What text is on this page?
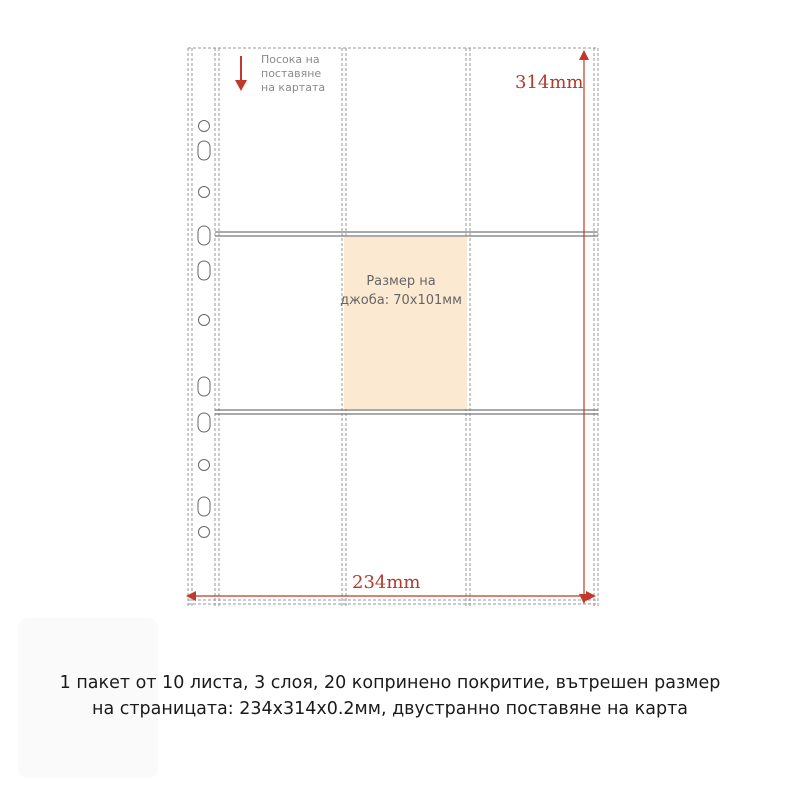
Посока на
поставяне
на картата	314mm
234mm
Размер на
джоба: 70x101мм
1 пакет от 10 листа, 3 слоя, 20 копринено покритие, вътрешен размер
на страницата: 234x314x0.2мм, двустранно поставяне на карта
